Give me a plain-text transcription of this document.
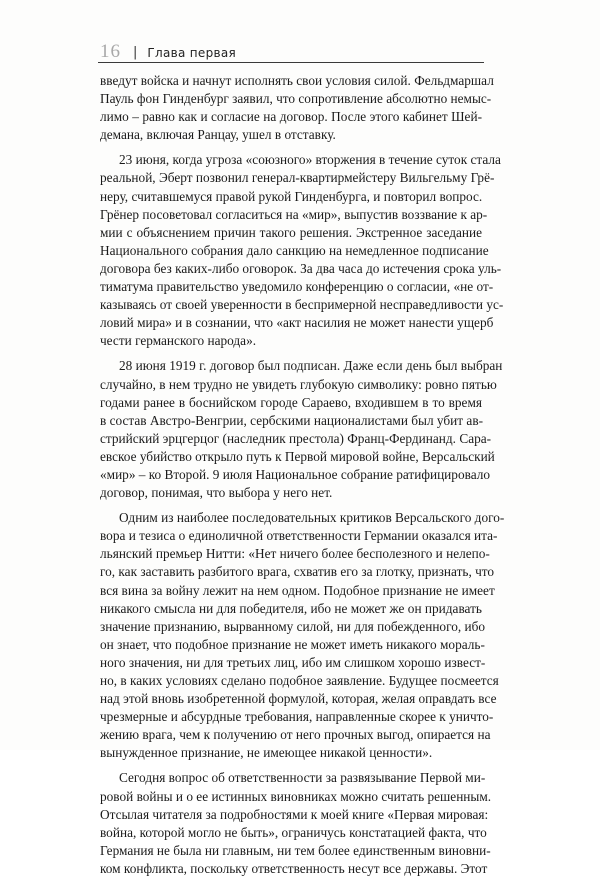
16 | Глава первая
введут войска и начнут исполнять свои условия силой. Фельдмаршал
Пауль фон Гинденбург заявил, что сопротивление абсолютно немыс-
лимо – равно как и согласие на договор. После этого кабинет Шей-
демана, включая Ранцау, ушел в отставку.
23 июня, когда угроза «союзного» вторжения в течение суток стала
реальной, Эберт позвонил генерал-квартирмейстеру Вильгельму Грё-
неру, считавшемуся правой рукой Гинденбурга, и повторил вопрос.
Грёнер посоветовал согласиться на «мир», выпустив воззвание к ар-
мии с объяснением причин такого решения. Экстренное заседание
Национального собрания дало санкцию на немедленное подписание
договора без каких-либо оговорок. За два часа до истечения срока уль-
тиматума правительство уведомило конференцию о согласии, «не от-
казываясь от своей уверенности в беспримерной несправедливости ус-
ловий мира» и в сознании, что «акт насилия не может нанести ущерб
чести германского народа».
28 июня 1919 г. договор был подписан. Даже если день был выбран
случайно, в нем трудно не увидеть глубокую символику: ровно пятью
годами ранее в боснийском городе Сараево, входившем в то время
в состав Австро-Венгрии, сербскими националистами был убит ав-
стрийский эрцгерцог (наследник престола) Франц-Фердинанд. Сара-
евское убийство открыло путь к Первой мировой войне, Версальский
«мир» – ко Второй. 9 июля Национальное собрание ратифицировало
договор, понимая, что выбора у него нет.
Одним из наиболее последовательных критиков Версальского дого-
вора и тезиса о единоличной ответственности Германии оказался ита-
льянский премьер Нитти: «Нет ничего более бесполезного и нелепо-
го, как заставить разбитого врага, схватив его за глотку, признать, что
вся вина за войну лежит на нем одном. Подобное признание не имеет
никакого смысла ни для победителя, ибо не может же он придавать
значение признанию, вырванному силой, ни для побежденного, ибо
он знает, что подобное признание не может иметь никакого мораль-
ного значения, ни для третьих лиц, ибо им слишком хорошо извест-
но, в каких условиях сделано подобное заявление. Будущее посмеется
над этой вновь изобретенной формулой, которая, желая оправдать все
чрезмерные и абсурдные требования, направленные скорее к уничто-
жению врага, чем к получению от него прочных выгод, опирается на
вынужденное признание, не имеющее никакой ценности».
Сегодня вопрос об ответственности за развязывание Первой ми-
ровой войны и о ее истинных виновниках можно считать решенным.
Отсылая читателя за подробностями к моей книге «Первая мировая:
война, которой могло не быть», ограничусь констатацией факта, что
Германия не была ни главным, ни тем более единственным виновни-
ком конфликта, поскольку ответственность несут все державы. Этот
